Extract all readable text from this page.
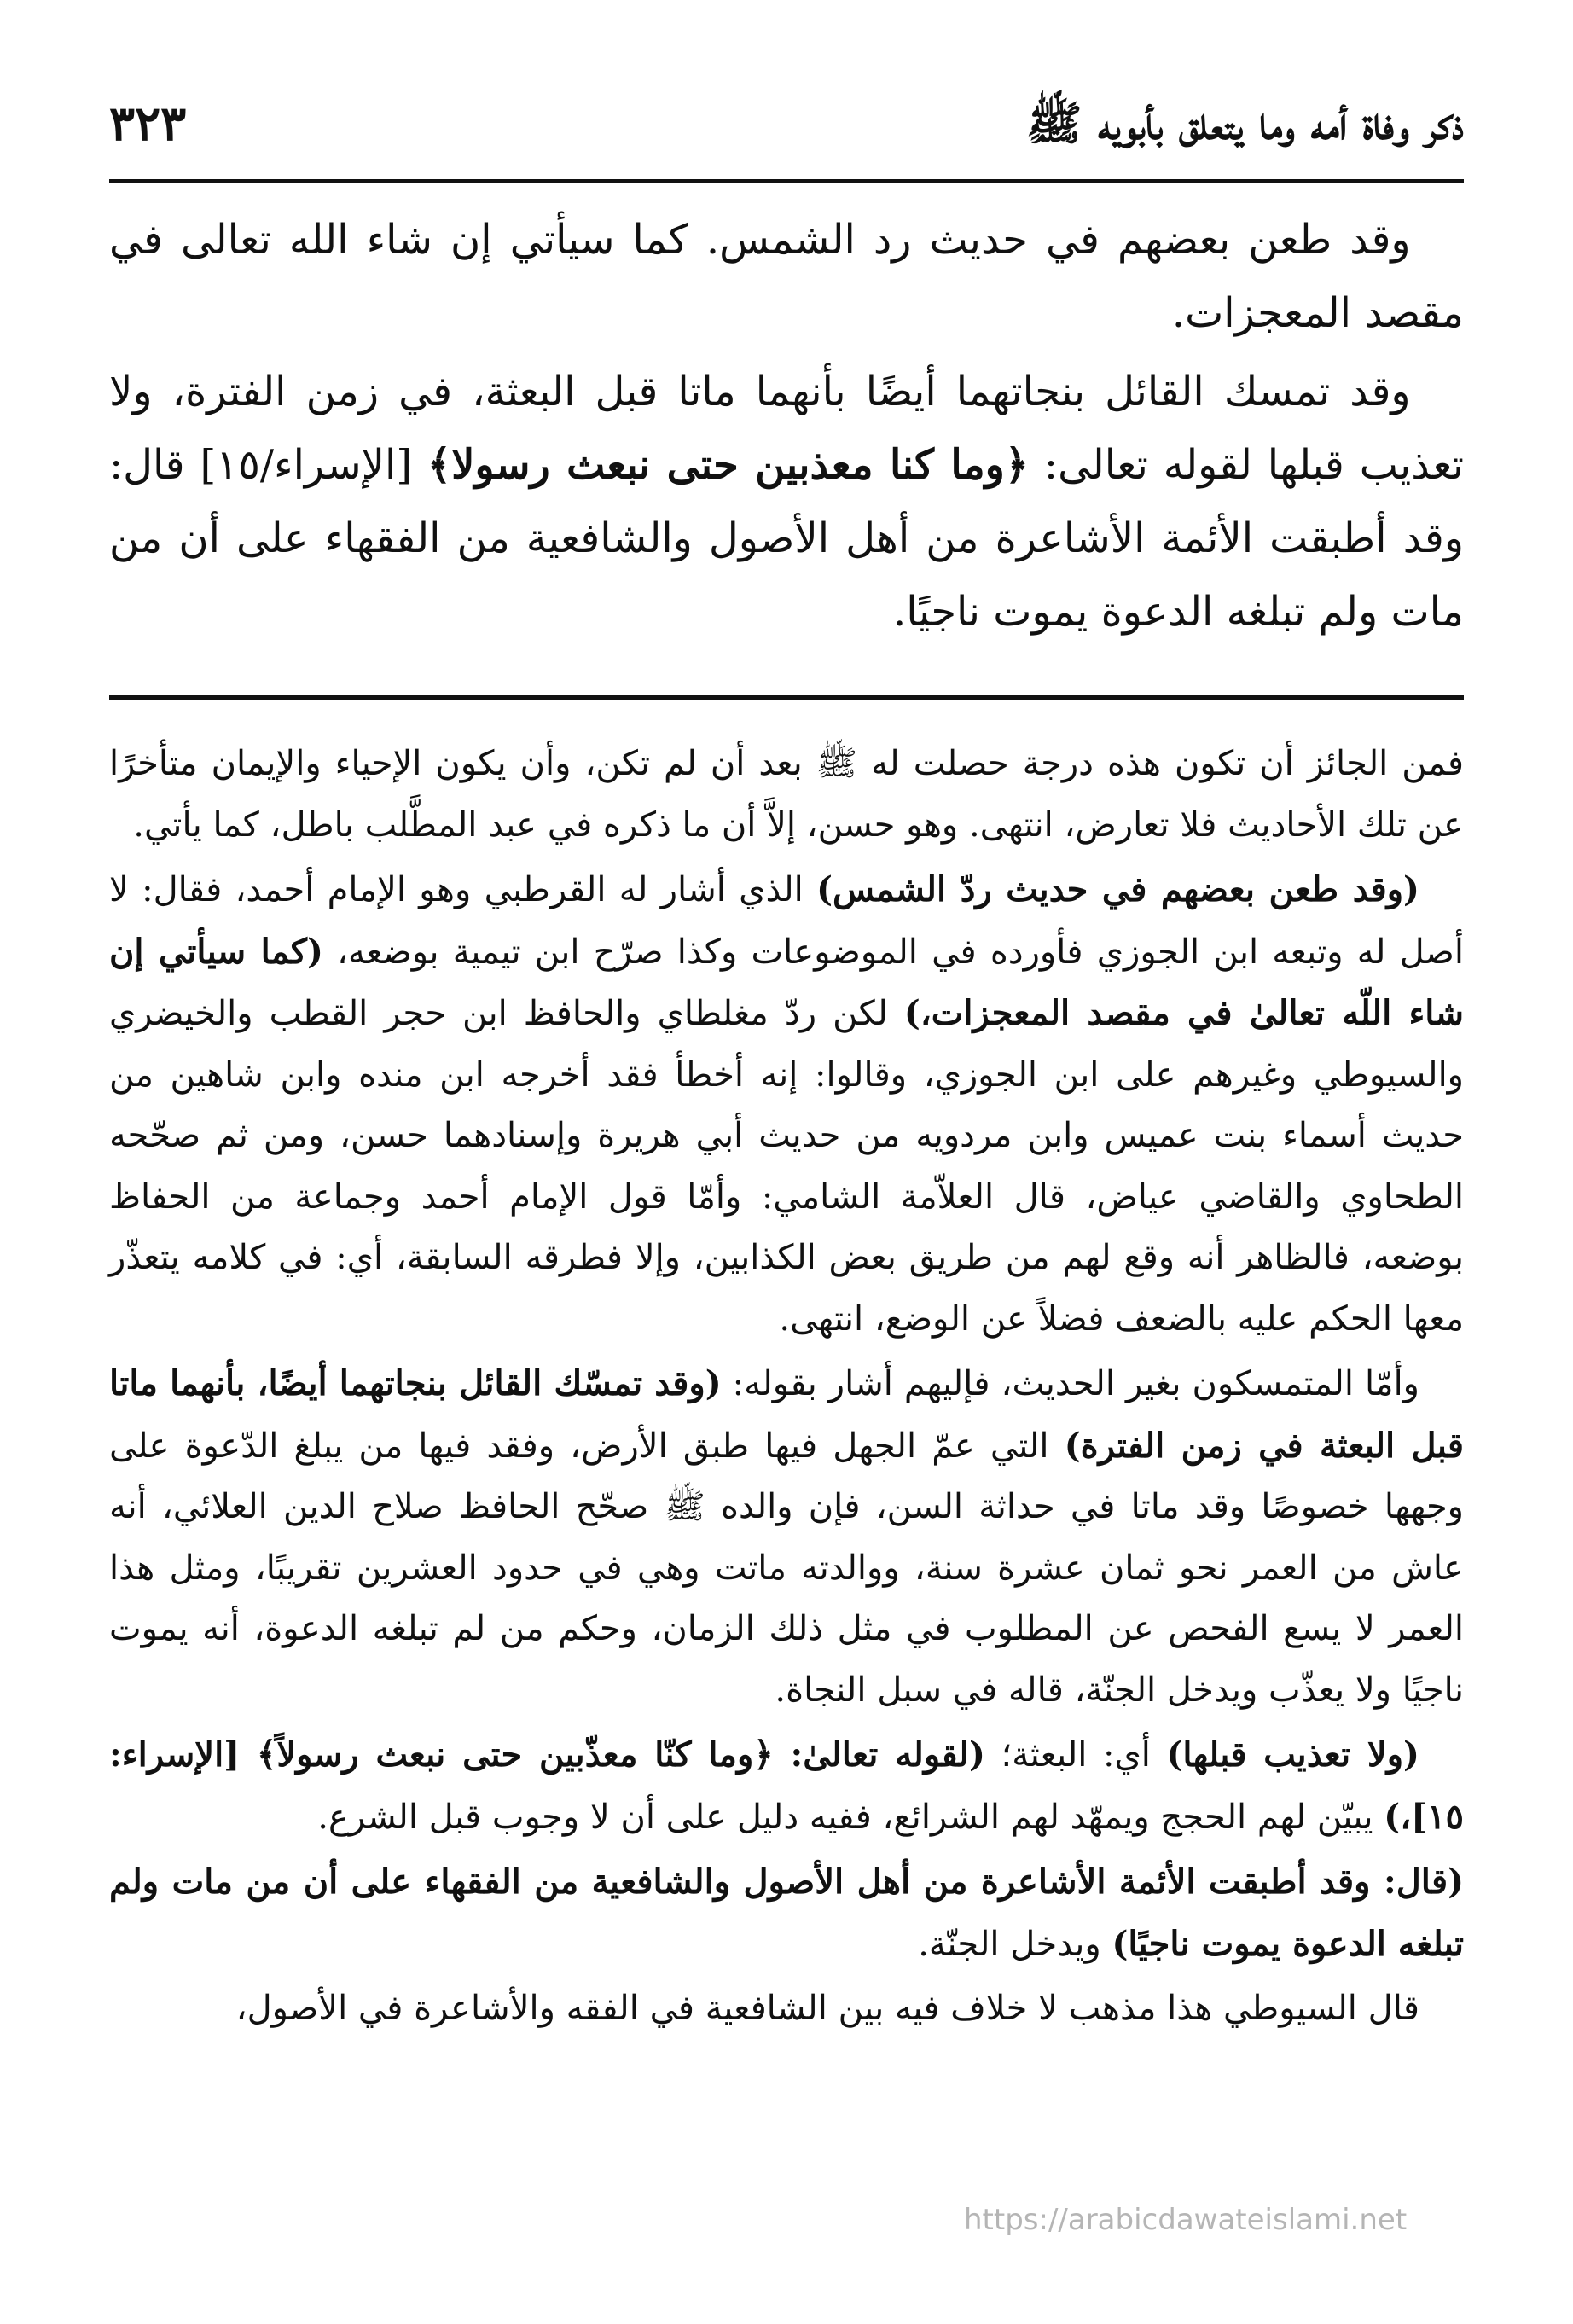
ذكر وفاة أمه وما يتعلق بأبويه ﷺ
٣٢٣

وقد طعن بعضهم في حديث رد الشمس. كما سيأتي إن شاء الله تعالى في مقصد المعجزات.

وقد تمسك القائل بنجاتهما أيضًا بأنهما ماتا قبل البعثة، في زمن الفترة، ولا تعذيب قبلها لقوله تعالى: ﴿وما كنا معذبين حتى نبعث رسولا﴾ [الإسراء/١٥] قال: وقد أطبقت الأئمة الأشاعرة من أهل الأصول والشافعية من الفقهاء على أن من مات ولم تبلغه الدعوة يموت ناجيًا.

فمن الجائز أن تكون هذه درجة حصلت له ﷺ بعد أن لم تكن، وأن يكون الإحياء والإيمان متأخرًا عن تلك الأحاديث فلا تعارض، انتهى. وهو حسن، إلاَّ أن ما ذكره في عبد المطَّلب باطل، كما يأتي.

(وقد طعن بعضهم في حديث ردّ الشمس) الذي أشار له القرطبي وهو الإمام أحمد، فقال: لا أصل له وتبعه ابن الجوزي فأورده في الموضوعات وكذا صرّح ابن تيمية بوضعه، (كما سيأتي إن شاء اللّه تعالىٰ في مقصد المعجزات،) لكن ردّ مغلطاي والحافظ ابن حجر القطب والخيضري والسيوطي وغيرهم على ابن الجوزي، وقالوا: إنه أخطأ فقد أخرجه ابن منده وابن شاهين من حديث أسماء بنت عميس وابن مردويه من حديث أبي هريرة وإسنادهما حسن، ومن ثم صحّحه الطحاوي والقاضي عياض، قال العلاّمة الشامي: وأمّا قول الإمام أحمد وجماعة من الحفاظ بوضعه، فالظاهر أنه وقع لهم من طريق بعض الكذابين، وإلا فطرقه السابقة، أي: في كلامه يتعذّر معها الحكم عليه بالضعف فضلاً عن الوضع، انتهى.

وأمّا المتمسكون بغير الحديث، فإليهم أشار بقوله: (وقد تمسّك القائل بنجاتهما أيضًا، بأنهما ماتا قبل البعثة في زمن الفترة) التي عمّ الجهل فيها طبق الأرض، وفقد فيها من يبلغ الدّعوة على وجهها خصوصًا وقد ماتا في حداثة السن، فإن والده ﷺ صحّح الحافظ صلاح الدين العلائي، أنه عاش من العمر نحو ثمان عشرة سنة، ووالدته ماتت وهي في حدود العشرين تقريبًا، ومثل هذا العمر لا يسع الفحص عن المطلوب في مثل ذلك الزمان، وحكم من لم تبلغه الدعوة، أنه يموت ناجيًا ولا يعذّب ويدخل الجنّة، قاله في سبل النجاة.

(ولا تعذيب قبلها) أي: البعثة؛ (لقوله تعالىٰ: ﴿وما كنّا معذّبين حتى نبعث رسولاً﴾ [الإسراء: ١٥]،) يبيّن لهم الحجج ويمهّد لهم الشرائع، ففيه دليل على أن لا وجوب قبل الشرع.

(قال: وقد أطبقت الأئمة الأشاعرة من أهل الأصول والشافعية من الفقهاء على أن من مات ولم تبلغه الدعوة يموت ناجيًا) ويدخل الجنّة.

قال السيوطي هذا مذهب لا خلاف فيه بين الشافعية في الفقه والأشاعرة في الأصول،

https://arabicdawateislami.net
